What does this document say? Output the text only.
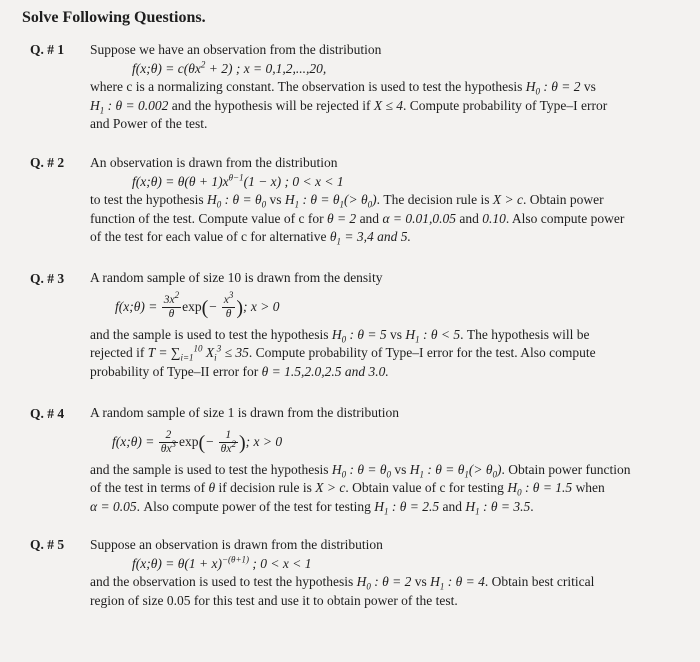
Solve Following Questions.
Q. # 1 Suppose we have an observation from the distribution
f(x;θ) = $c(\theta x^2 + 2)$ ; x = 0,1,2,...,20,
where c is a normalizing constant. The observation is used to test the hypothesis $H_0$ : θ = 2 vs
$H_1$ : θ = 0.002 and the hypothesis will be rejected if X ≤ 4. Compute probability of Type–I error
and Power of the test.
Q. # 2 An observation is drawn from the distribution
f(x;θ) = $\theta(\theta + 1)x^{\theta-1}(1 - x)$ ; 0 < x < 1
to test the hypothesis $H_0$ : $\theta = \theta_0$ vs $H_1$ : $\theta = \theta_1(> \theta_0)$. The decision rule is X > c. Obtain power
function of the test. Compute value of c for θ = 2 and α = 0.01,0.05 and 0.10. Also compute power
of the test for each value of c for alternative $\theta_1 = 3,4$ and 5.
Q. # 3 A random sample of size 10 is drawn from the density
f(x;θ) = $\frac{3x^2}{\theta} \exp(- \frac{x^3}{\theta}$ ); x > 0
and the sample is used to test the hypothesis $H_0$ : θ = 5 vs $H_1$ : θ < 5. The hypothesis will be
rejected if $T = \sum_{i=1}^{10}$ $X_i^3 \le 35$. Compute probability of Type–I error for the test. Also compute
probability of Type–II error for θ = 1.5,2.0,2.5 and 3.0.
Q. # 4 A random sample of size 1 is drawn from the distribution
f(x;θ) = $\frac{2}{\theta x^3} \exp(- \frac{1}{\theta x^2}$ ); x > 0
and the sample is used to test the hypothesis $H_0$ : $\theta = \theta_0$ vs $H_1$ : $\theta = \theta_1(> \theta_0)$. Obtain power function
of the test in terms of θ if decision rule is X > c. Obtain value of c for testing $H_0$ : θ = 1.5 when
α = 0.05. Also compute power of the test for testing $H_1$ : θ = 2.5 and $H_1$ : θ = 3.5.
Q. # 5 Suppose an observation is drawn from the distribution
f(x;θ) = $\theta(1 + x)^{-(\theta+1)}$ ; 0 < x < 1
and the observation is used to test the hypothesis $H_0$ : θ = 2 vs $H_1$ : θ = 4. Obtain best critical
region of size 0.05 for this test and use it to obtain power of the test.
